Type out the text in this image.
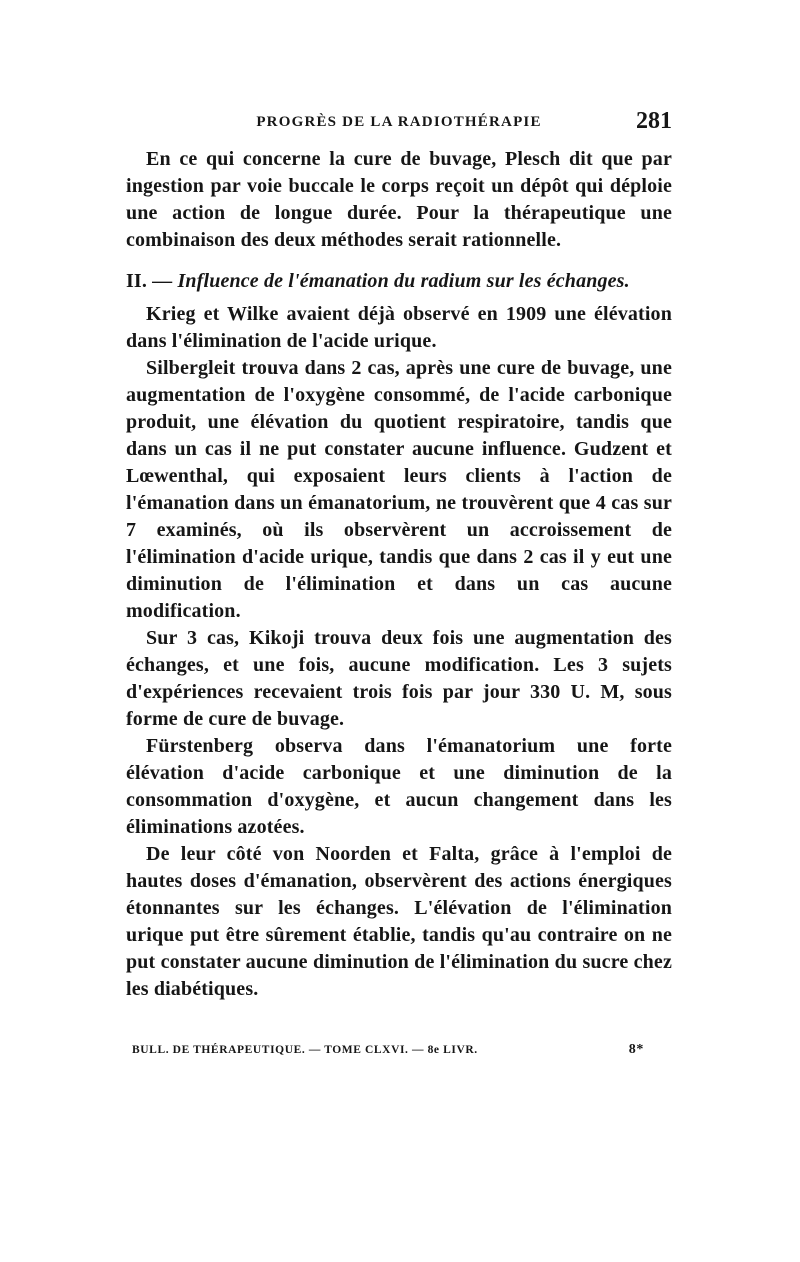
PROGRÈS DE LA RADIOTHÉRAPIE	281

En ce qui concerne la cure de buvage, Plesch dit que par ingestion par voie buccale le corps reçoit un dépôt qui déploie une action de longue durée. Pour la thérapeutique une combinaison des deux méthodes serait rationnelle.

II. — Influence de l'émanation du radium sur les échanges.

Krieg et Wilke avaient déjà observé en 1909 une élévation dans l'élimination de l'acide urique.

Silbergleit trouva dans 2 cas, après une cure de buvage, une augmentation de l'oxygène consommé, de l'acide carbonique produit, une élévation du quotient respiratoire, tandis que dans un cas il ne put constater aucune influence. Gudzent et Lœwenthal, qui exposaient leurs clients à l'action de l'émanation dans un émanatorium, ne trouvèrent que 4 cas sur 7 examinés, où ils observèrent un accroissement de l'élimination d'acide urique, tandis que dans 2 cas il y eut une diminution de l'élimination et dans un cas aucune modification.

Sur 3 cas, Kikoji trouva deux fois une augmentation des échanges, et une fois, aucune modification. Les 3 sujets d'expériences recevaient trois fois par jour 330 U. M, sous forme de cure de buvage.

Fürstenberg observa dans l'émanatorium une forte élévation d'acide carbonique et une diminution de la consommation d'oxygène, et aucun changement dans les éliminations azotées.

De leur côté von Noorden et Falta, grâce à l'emploi de hautes doses d'émanation, observèrent des actions énergiques étonnantes sur les échanges. L'élévation de l'élimination urique put être sûrement établie, tandis qu'au contraire on ne put constater aucune diminution de l'élimination du sucre chez les diabétiques.

BULL. DE THÉRAPEUTIQUE. — TOME CLXVI. — 8e LIVR.	8*
